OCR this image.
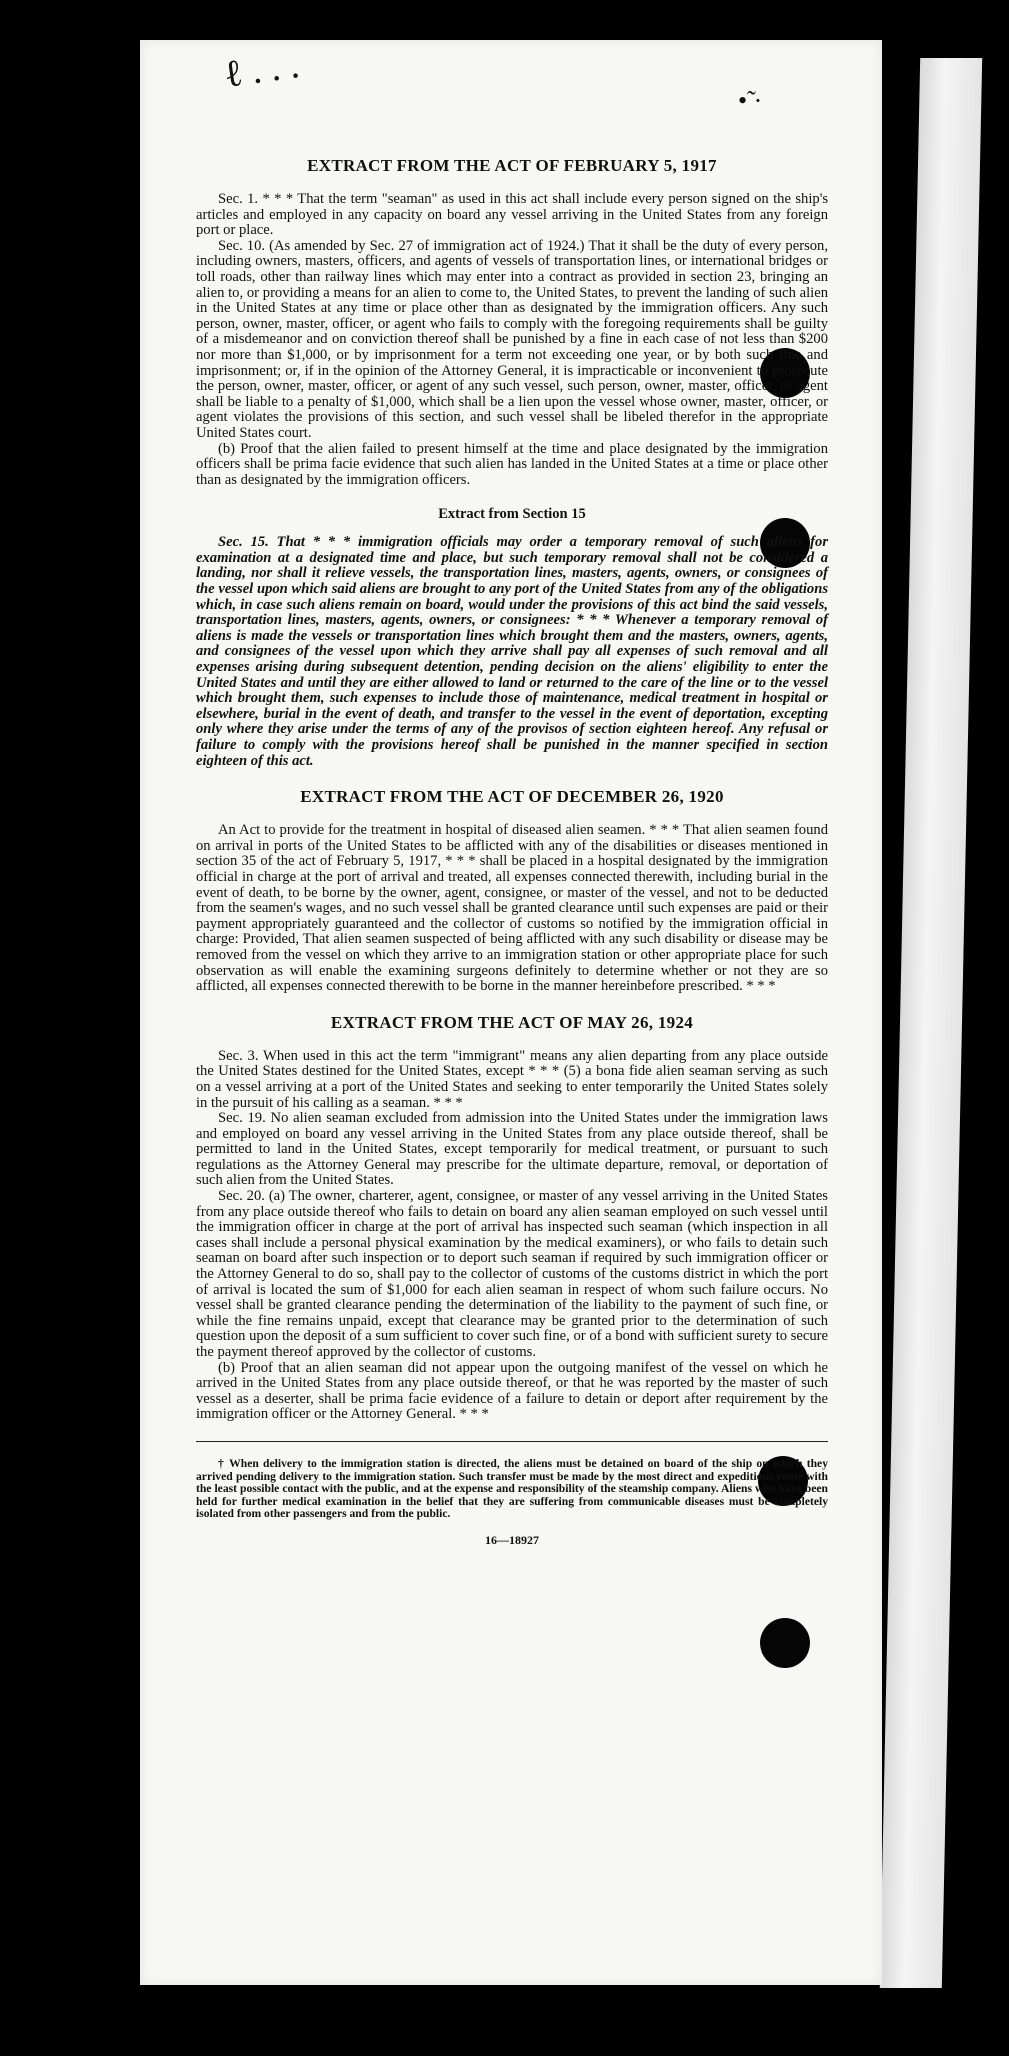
ℓ . . .
•̃ ·
EXTRACT FROM THE ACT OF FEBRUARY 5, 1917

Sec. 1. * * * That the term "seaman" as used in this act shall include every person signed on the ship's articles and employed in any capacity on board any vessel arriving in the United States from any foreign port or place.

Sec. 10. (As amended by Sec. 27 of immigration act of 1924.) That it shall be the duty of every person, including owners, masters, officers, and agents of vessels of transportation lines, or international bridges or toll roads, other than railway lines which may enter into a contract as provided in section 23, bringing an alien to, or providing a means for an alien to come to, the United States, to prevent the landing of such alien in the United States at any time or place other than as designated by the immigration officers. Any such person, owner, master, officer, or agent who fails to comply with the foregoing requirements shall be guilty of a misdemeanor and on conviction thereof shall be punished by a fine in each case of not less than $200 nor more than $1,000, or by imprisonment for a term not exceeding one year, or by both such fine and imprisonment; or, if in the opinion of the Attorney General, it is impracticable or inconvenient to prosecute the person, owner, master, officer, or agent of any such vessel, such person, owner, master, officer, or agent shall be liable to a penalty of $1,000, which shall be a lien upon the vessel whose owner, master, officer, or agent violates the provisions of this section, and such vessel shall be libeled therefor in the appropriate United States court.

(b) Proof that the alien failed to present himself at the time and place designated by the immigration officers shall be prima facie evidence that such alien has landed in the United States at a time or place other than as designated by the immigration officers.

Extract from Section 15

Sec. 15. That * * * immigration officials may order a temporary removal of such aliens for examination at a designated time and place, but such temporary removal shall not be considered a landing, nor shall it relieve vessels, the transportation lines, masters, agents, owners, or consignees of the vessel upon which said aliens are brought to any port of the United States from any of the obligations which, in case such aliens remain on board, would under the provisions of this act bind the said vessels, transportation lines, masters, agents, owners, or consignees: * * * Whenever a temporary removal of aliens is made the vessels or transportation lines which brought them and the masters, owners, agents, and consignees of the vessel upon which they arrive shall pay all expenses of such removal and all expenses arising during subsequent detention, pending decision on the aliens' eligibility to enter the United States and until they are either allowed to land or returned to the care of the line or to the vessel which brought them, such expenses to include those of maintenance, medical treatment in hospital or elsewhere, burial in the event of death, and transfer to the vessel in the event of deportation, excepting only where they arise under the terms of any of the provisos of section eighteen hereof. Any refusal or failure to comply with the provisions hereof shall be punished in the manner specified in section eighteen of this act.

EXTRACT FROM THE ACT OF DECEMBER 26, 1920

An Act to provide for the treatment in hospital of diseased alien seamen. * * * That alien seamen found on arrival in ports of the United States to be afflicted with any of the disabilities or diseases mentioned in section 35 of the act of February 5, 1917, * * * shall be placed in a hospital designated by the immigration official in charge at the port of arrival and treated, all expenses connected therewith, including burial in the event of death, to be borne by the owner, agent, consignee, or master of the vessel, and not to be deducted from the seamen's wages, and no such vessel shall be granted clearance until such expenses are paid or their payment appropriately guaranteed and the collector of customs so notified by the immigration official in charge: Provided, That alien seamen suspected of being afflicted with any such disability or disease may be removed from the vessel on which they arrive to an immigration station or other appropriate place for such observation as will enable the examining surgeons definitely to determine whether or not they are so afflicted, all expenses connected therewith to be borne in the manner hereinbefore prescribed. * * *

EXTRACT FROM THE ACT OF MAY 26, 1924

Sec. 3. When used in this act the term "immigrant" means any alien departing from any place outside the United States destined for the United States, except * * * (5) a bona fide alien seaman serving as such on a vessel arriving at a port of the United States and seeking to enter temporarily the United States solely in the pursuit of his calling as a seaman. * * *

Sec. 19. No alien seaman excluded from admission into the United States under the immigration laws and employed on board any vessel arriving in the United States from any place outside thereof, shall be permitted to land in the United States, except temporarily for medical treatment, or pursuant to such regulations as the Attorney General may prescribe for the ultimate departure, removal, or deportation of such alien from the United States.

Sec. 20. (a) The owner, charterer, agent, consignee, or master of any vessel arriving in the United States from any place outside thereof who fails to detain on board any alien seaman employed on such vessel until the immigration officer in charge at the port of arrival has inspected such seaman (which inspection in all cases shall include a personal physical examination by the medical examiners), or who fails to detain such seaman on board after such inspection or to deport such seaman if required by such immigration officer or the Attorney General to do so, shall pay to the collector of customs of the customs district in which the port of arrival is located the sum of $1,000 for each alien seaman in respect of whom such failure occurs. No vessel shall be granted clearance pending the determination of the liability to the payment of such fine, or while the fine remains unpaid, except that clearance may be granted prior to the determination of such question upon the deposit of a sum sufficient to cover such fine, or of a bond with sufficient surety to secure the payment thereof approved by the collector of customs.

(b) Proof that an alien seaman did not appear upon the outgoing manifest of the vessel on which he arrived in the United States from any place outside thereof, or that he was reported by the master of such vessel as a deserter, shall be prima facie evidence of a failure to detain or deport after requirement by the immigration officer or the Attorney General. * * *

† When delivery to the immigration station is directed, the aliens must be detained on board of the ship on which they arrived pending delivery to the immigration station. Such transfer must be made by the most direct and expeditious route with the least possible contact with the public, and at the expense and responsibility of the steamship company. Aliens who have been held for further medical examination in the belief that they are suffering from communicable diseases must be completely isolated from other passengers and from the public.

16—18927
